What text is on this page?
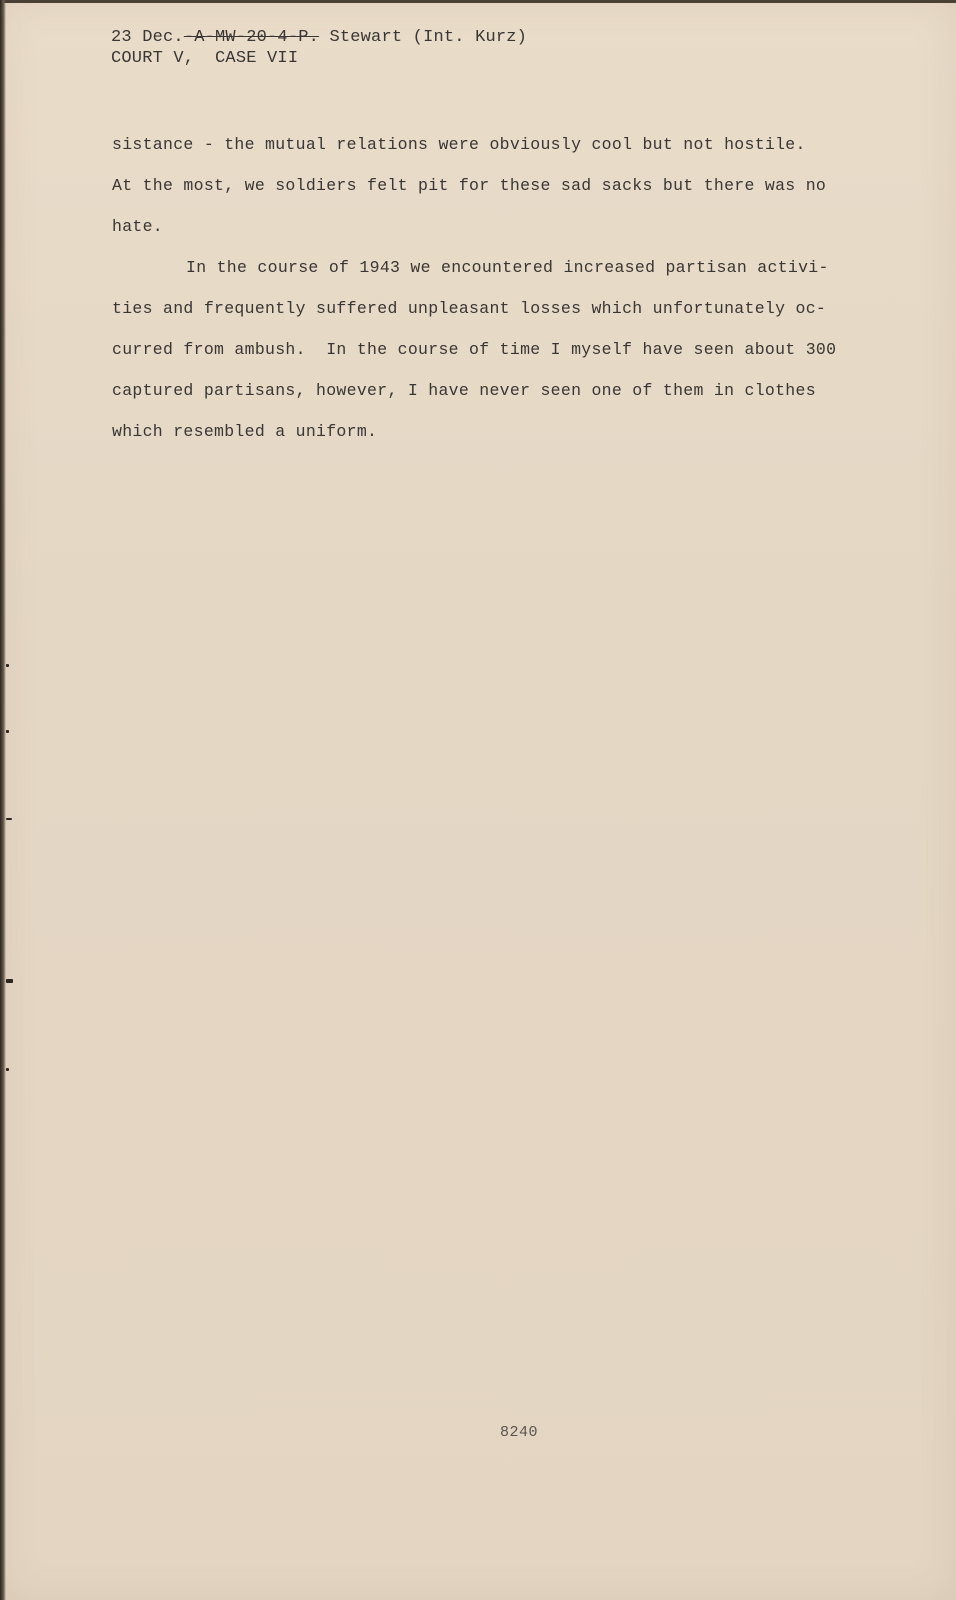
23 Dec.-A-MW-20-4-P. Stewart (Int. Kurz)
COURT V,  CASE VII

sistance - the mutual relations were obviously cool but not hostile.
At the most, we soldiers felt pit for these sad sacks but there was no
hate.

In the course of 1943 we encountered increased partisan activi-
ties and frequently suffered unpleasant losses which unfortunately oc-
curred from ambush.  In the course of time I myself have seen about 300
captured partisans, however, I have never seen one of them in clothes
which resembled a uniform.

8240
